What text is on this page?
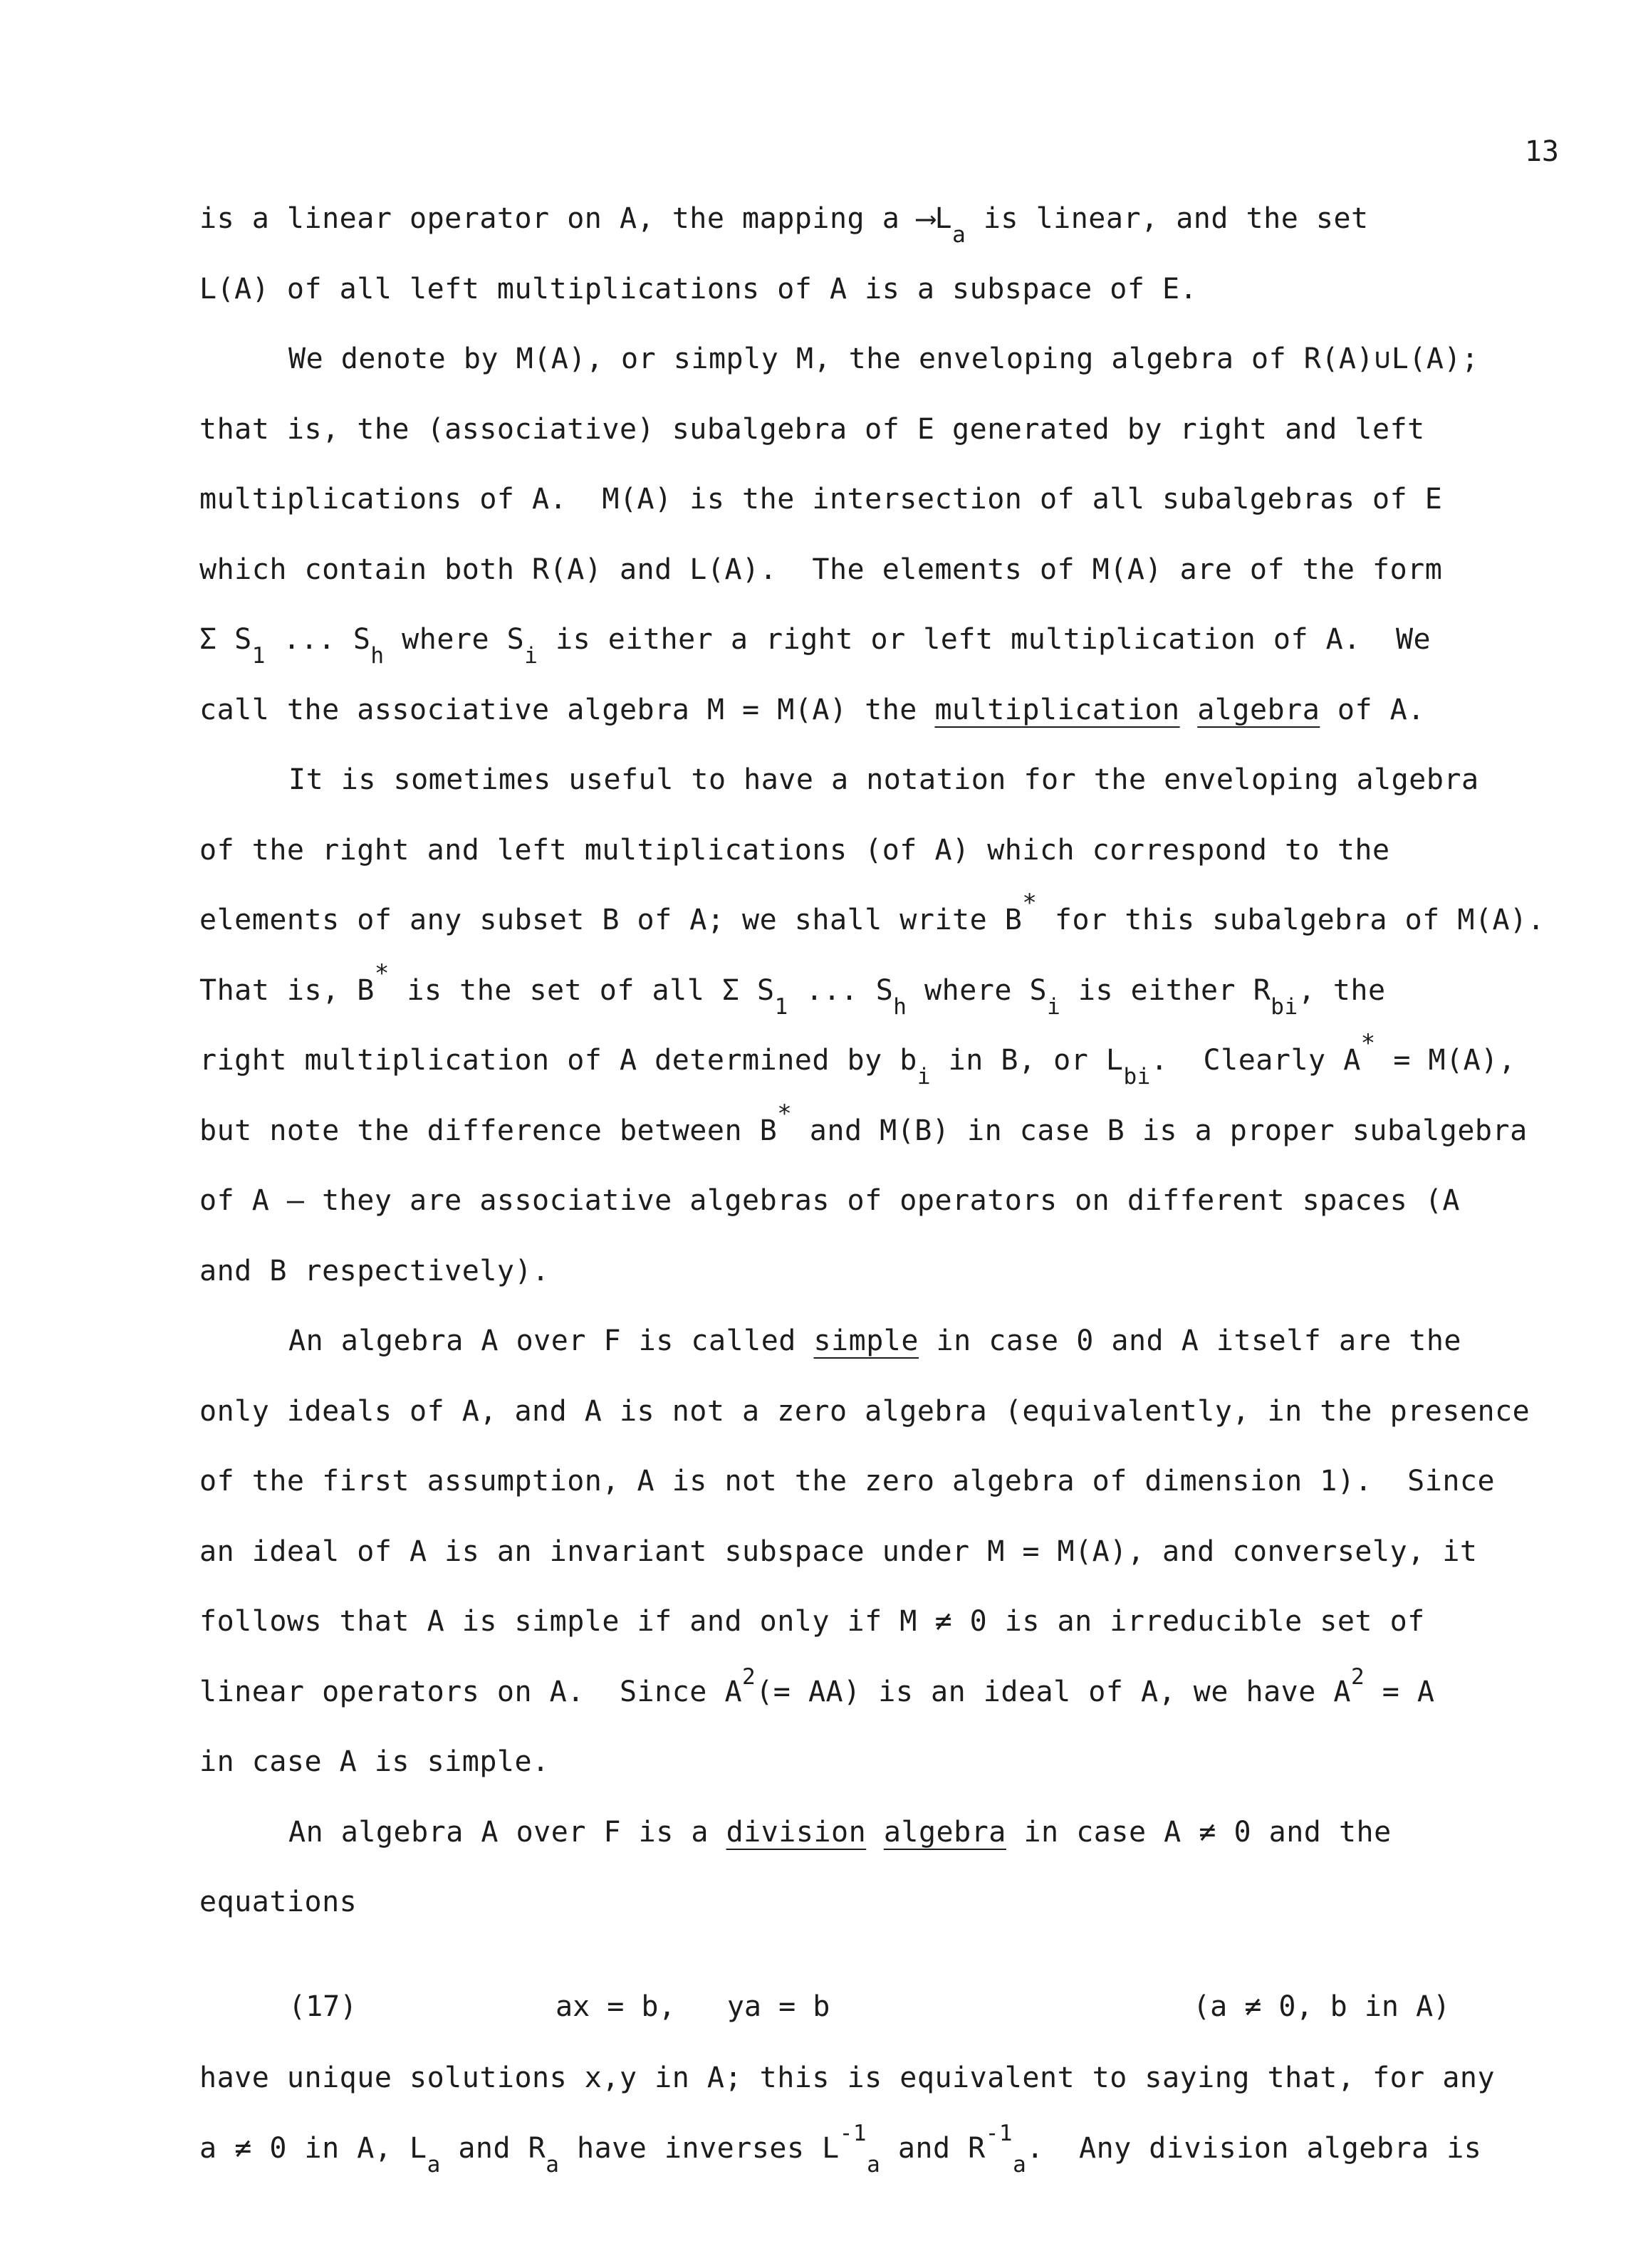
13
is a linear operator on A, the mapping a $⟶L_a$ is linear, and the set
L(A) of all left multiplications of A is a subspace of E.
We denote by M(A), or simply M, the enveloping algebra of R(A)∪L(A);
that is, the (associative) subalgebra of E generated by right and left
multiplications of A.  M(A) is the intersection of all subalgebras of E
which contain both R(A) and L(A).  The elements of M(A) are of the form
Σ $S_1$ ... $S_h$ where $S_i$ is either a right or left multiplication of A.  We
call the associative algebra M = M(A) the multiplication algebra of A.
It is sometimes useful to have a notation for the enveloping algebra
of the right and left multiplications (of A) which correspond to the
elements of any subset B of A; we shall write B* for this subalgebra of M(A).
That is, B* is the set of all Σ $S_1$ ... $S_h$ where $S_i$ is either $R_{bi}$, the
right multiplication of A determined by $b_i$ in B, or $L_{bi}$.  Clearly A* = M(A),
but note the difference between B* and M(B) in case B is a proper subalgebra
of A — they are associative algebras of operators on different spaces (A
and B respectively).
An algebra A over F is called simple in case 0 and A itself are the
only ideals of A, and A is not a zero algebra (equivalently, in the presence
of the first assumption, A is not the zero algebra of dimension 1).  Since
an ideal of A is an invariant subspace under M = M(A), and conversely, it
follows that A is simple if and only if M ≠ 0 is an irreducible set of
linear operators on A.  Since $A^2(= AA)$ is an ideal of A, we have $A^2 = A$
in case A is simple.
An algebra A over F is a division algebra in case A ≠ 0 and the
equations
(17)	ax = b,   ya = b	(a ≠ 0, b in A)
have unique solutions x,y in A; this is equivalent to saying that, for any
a ≠ 0 in A, $L_a$ and $R_a$ have inverses $L^{-1}_a$ and $R^{-1}_a$.  Any division algebra is
